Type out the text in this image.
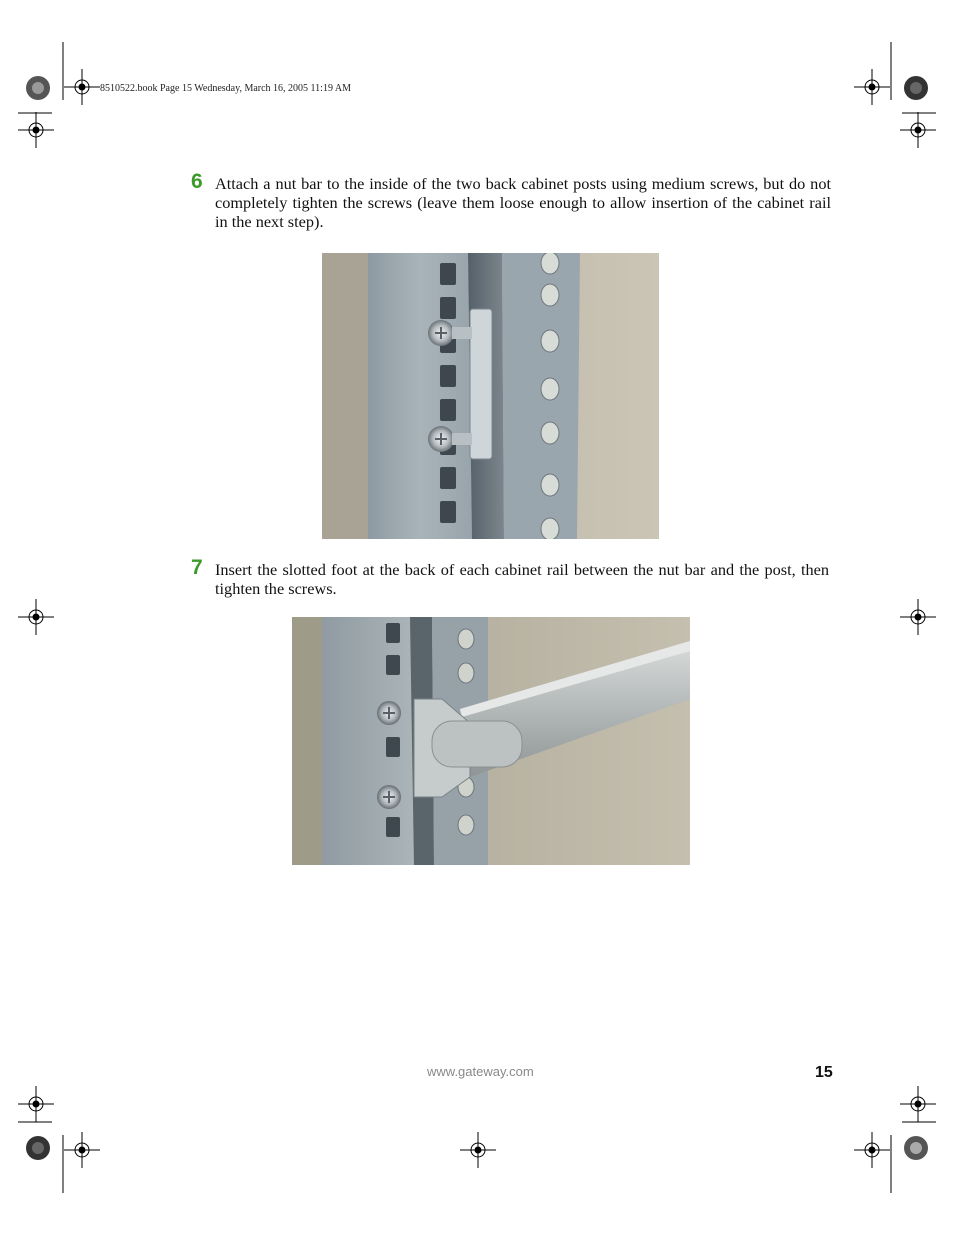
8510522.book Page 15 Wednesday, March 16, 2005 11:19 AM
6 Attach a nut bar to the inside of the two back cabinet posts using medium screws, but do not completely tighten the screws (leave them loose enough to allow insertion of the cabinet rail in the next step).
7 Insert the slotted foot at the back of each cabinet rail between the nut bar and the post, then tighten the screws.
www.gateway.com	15
